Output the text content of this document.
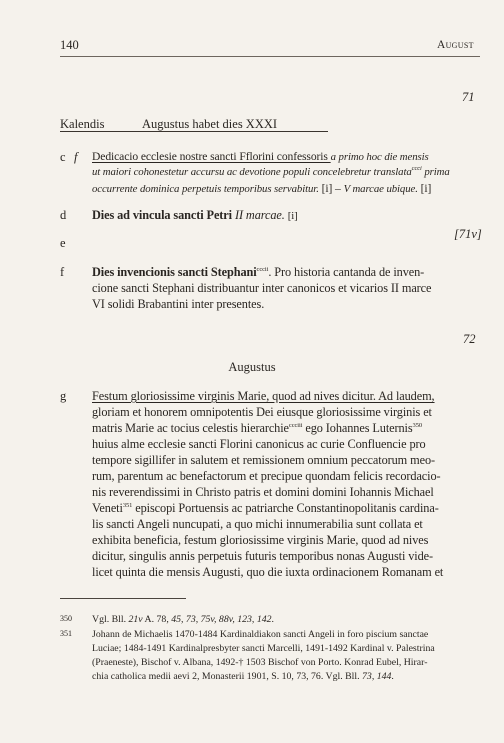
140	August
71
Kalendis	Augustus habet dies XXXI
c f Dedicacio ecclesie nostre sancti Fflorini confessoris a primo hoc die mensis
ut maiori cohonestetur accursu ac devotione populi concelebretur translata$^{ccci}$ prima
occurrente dominica perpetuis temporibus servabitur. [i] – V marcae ubique. [i]
d Dies ad vincula sancti Petri II marcae. [i]
e
[71v]
f Dies invencionis sancti Stephani$^{cccii}$. Pro historia cantanda de inven-
cione sancti Stephani distribuantur inter canonicos et vicarios II marce
VI solidi Brabantini inter presentes.
72
Augustus
g Festum gloriosissime virginis Marie, quod ad nives dicitur. Ad laudem,
gloriam et honorem omnipotentis Dei eiusque gloriosissime virginis et
matris Marie ac tocius celestis hierarchie$^{ccciii}$ ego Iohannes Luternis$^{350}$
huius alme ecclesie sancti Florini canonicus ac curie Confluencie pro
tempore sigillifer in salutem et remissionem omnium peccatorum meo-
rum, parentum ac benefactorum et precipue quondam felicis recordacio-
nis reverendissimi in Christo patris et domini domini Iohannis Michael
Veneti$^{351}$ episcopi Portuensis ac patriarche Constantinopolitanis cardina-
lis sancti Angeli nuncupati, a quo michi innumerabilia sunt collata et
exhibita beneficia, festum gloriosissime virginis Marie, quod ad nives
dicitur, singulis annis perpetuis futuris temporibus nonas Augusti vide-
licet quinta die mensis Augusti, quo die iuxta ordinacionem Romanam et
350 Vgl. Bll. 21v A. 78, 45, 73, 75v, 88v, 123, 142.
351 Johann de Michaelis 1470-1484 Kardinaldiakon sancti Angeli in foro piscium sanctae
Luciae; 1484-1491 Kardinalpresbyter sancti Marcelli, 1491-1492 Kardinal v. Palestrina
(Praeneste), Bischof v. Albana, 1492-† 1503 Bischof von Porto. Konrad Eubel, Hirar-
chia catholica medii aevi 2, Monasterii 1901, S. 10, 73, 76. Vgl. Bll. 73, 144.
